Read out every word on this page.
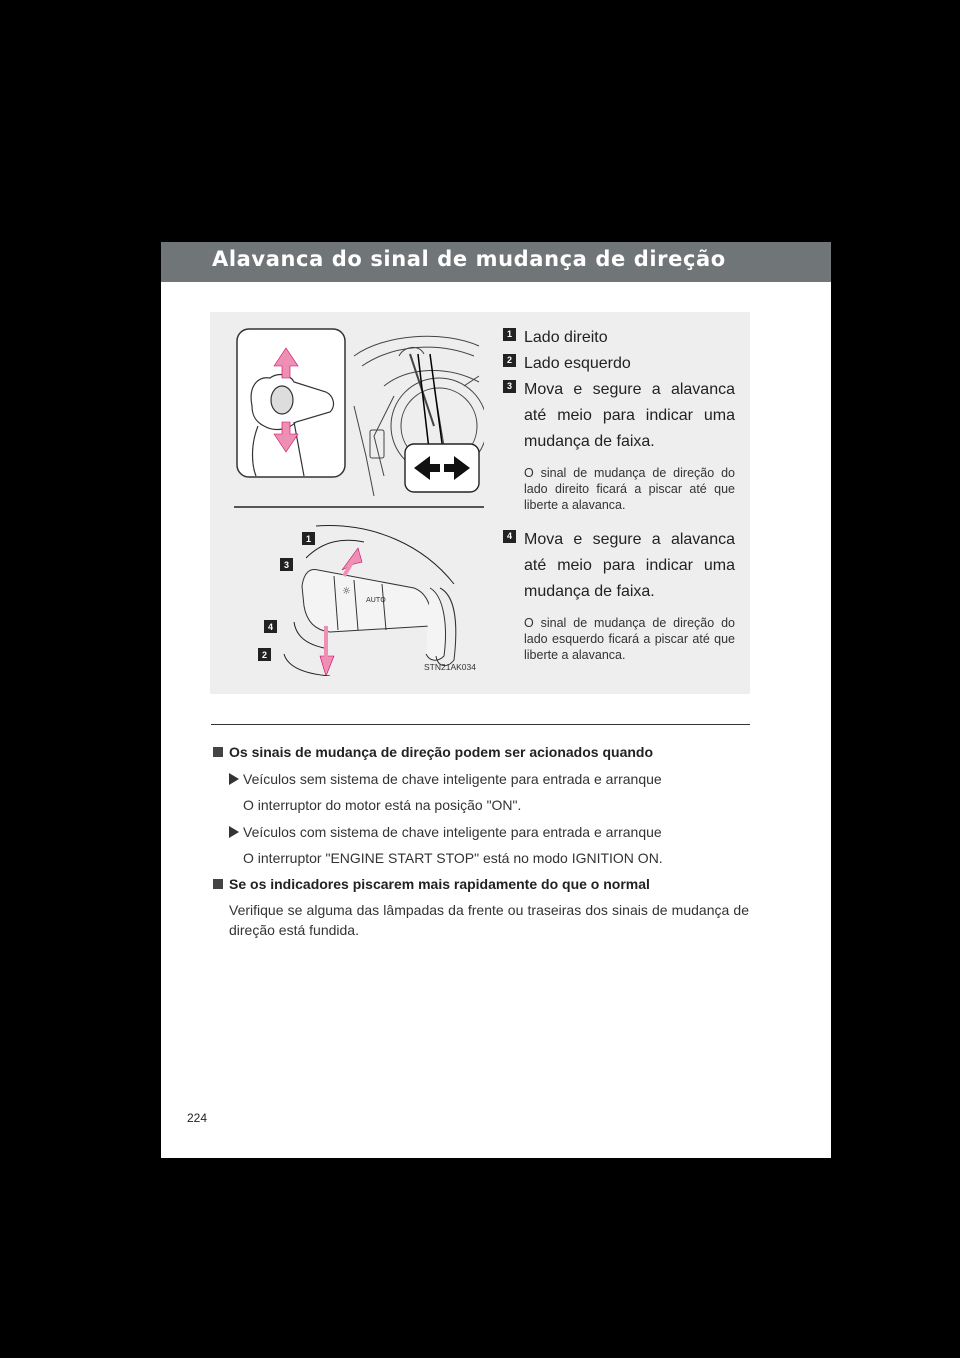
Alavanca do sinal de mudança de direção
☼
AUTO
1
3
4
2
STN21AK034
1 Lado direito
2 Lado esquerdo
3 Mova e segure a alavanca até meio para indicar uma mudança de faixa.
O sinal de mudança de direção do lado direito ficará a piscar até que liberte a alavanca.
4 Mova e segure a alavanca até meio para indicar uma mudança de faixa.
O sinal de mudança de direção do lado esquerdo ficará a piscar até que liberte a alavanca.
Os sinais de mudança de direção podem ser acionados quando
Veículos sem sistema de chave inteligente para entrada e arranque
O interruptor do motor está na posição "ON".
Veículos com sistema de chave inteligente para entrada e arranque
O interruptor "ENGINE START STOP" está no modo IGNITION ON.
Se os indicadores piscarem mais rapidamente do que o normal
Verifique se alguma das lâmpadas da frente ou traseiras dos sinais de mudança de direção está fundida.
224
